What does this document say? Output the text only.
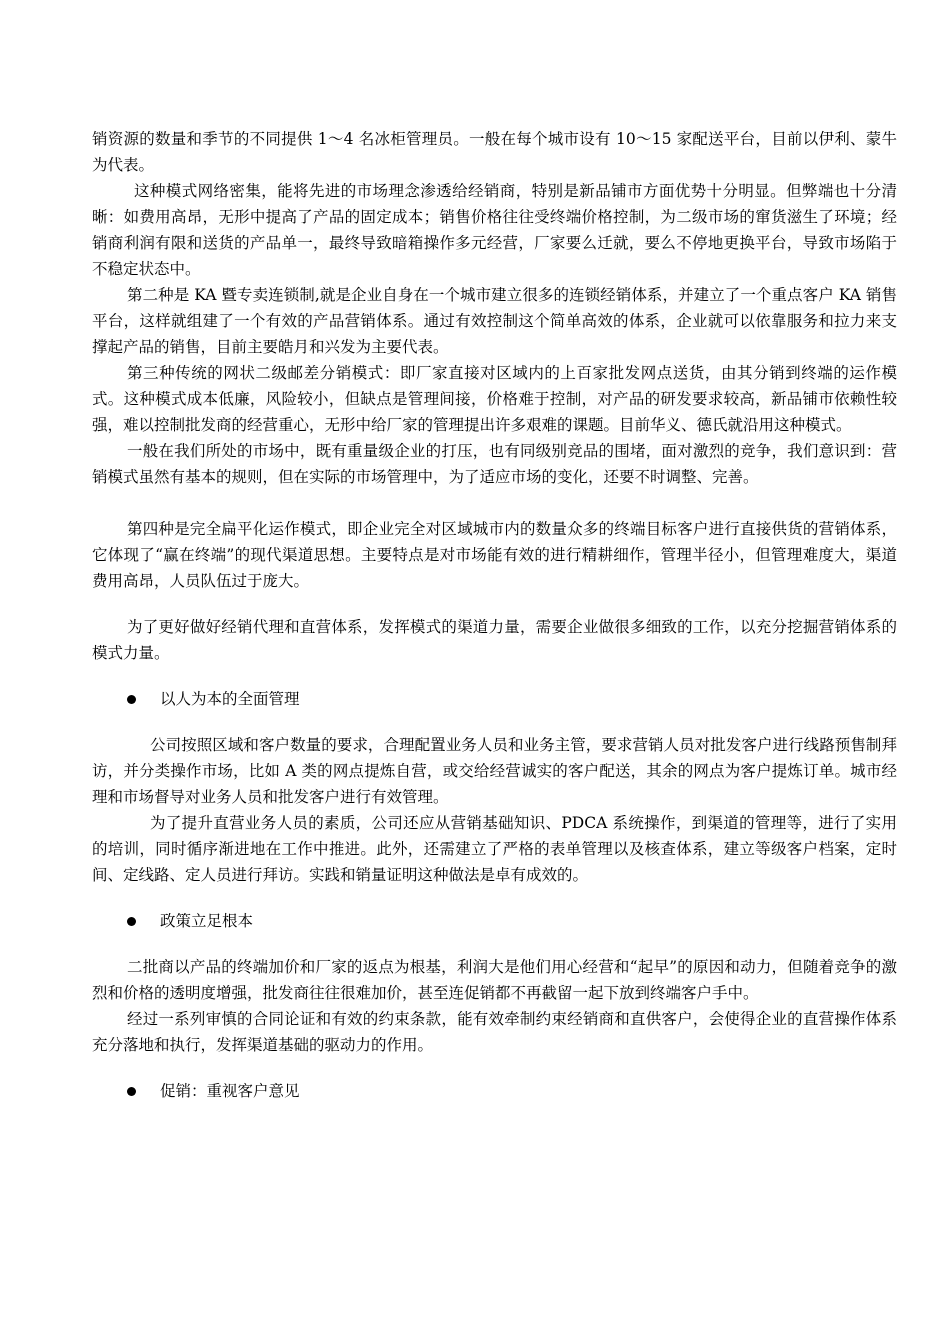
销资源的数量和季节的不同提供 1～4 名冰柜管理员。一般在每个城市设有 10～15 家配送平台，目前以伊利、蒙牛为代表。

这种模式网络密集，能将先进的市场理念渗透给经销商，特别是新品铺市方面优势十分明显。但弊端也十分清晰：如费用高昂，无形中提高了产品的固定成本；销售价格往往受终端价格控制，为二级市场的窜货滋生了环境；经销商利润有限和送货的产品单一，最终导致暗箱操作多元经营，厂家要么迁就，要么不停地更换平台，导致市场陷于不稳定状态中。

第二种是 KA 暨专卖连锁制,就是企业自身在一个城市建立很多的连锁经销体系，并建立了一个重点客户 KA 销售平台，这样就组建了一个有效的产品营销体系。通过有效控制这个简单高效的体系，企业就可以依靠服务和拉力来支撑起产品的销售，目前主要皓月和兴发为主要代表。

第三种传统的网状二级邮差分销模式：即厂家直接对区域内的上百家批发网点送货，由其分销到终端的运作模式。这种模式成本低廉，风险较小，但缺点是管理间接，价格难于控制，对产品的研发要求较高，新品铺市依赖性较强，难以控制批发商的经营重心，无形中给厂家的管理提出许多艰难的课题。目前华义、德氏就沿用这种模式。

一般在我们所处的市场中，既有重量级企业的打压，也有同级别竞品的围堵，面对激烈的竞争，我们意识到：营销模式虽然有基本的规则，但在实际的市场管理中，为了适应市场的变化，还要不时调整、完善。

第四种是完全扁平化运作模式，即企业完全对区域城市内的数量众多的终端目标客户进行直接供货的营销体系，它体现了“赢在终端”的现代渠道思想。主要特点是对市场能有效的进行精耕细作，管理半径小，但管理难度大，渠道费用高昂，人员队伍过于庞大。

为了更好做好经销代理和直营体系，发挥模式的渠道力量，需要企业做很多细致的工作，以充分挖掘营销体系的模式力量。

以人为本的全面管理

公司按照区域和客户数量的要求，合理配置业务人员和业务主管，要求营销人员对批发客户进行线路预售制拜访，并分类操作市场，比如 A 类的网点提炼自营，或交给经营诚实的客户配送，其余的网点为客户提炼订单。城市经理和市场督导对业务人员和批发客户进行有效管理。

为了提升直营业务人员的素质，公司还应从营销基础知识、PDCA 系统操作，到渠道的管理等，进行了实用的培训，同时循序渐进地在工作中推进。此外，还需建立了严格的表单管理以及核查体系，建立等级客户档案，定时间、定线路、定人员进行拜访。实践和销量证明这种做法是卓有成效的。

政策立足根本

二批商以产品的终端加价和厂家的返点为根基，利润大是他们用心经营和“起早”的原因和动力，但随着竞争的激烈和价格的透明度增强，批发商往往很难加价，甚至连促销都不再截留一起下放到终端客户手中。

经过一系列审慎的合同论证和有效的约束条款，能有效牵制约束经销商和直供客户，会使得企业的直营操作体系充分落地和执行，发挥渠道基础的驱动力的作用。

促销：重视客户意见
